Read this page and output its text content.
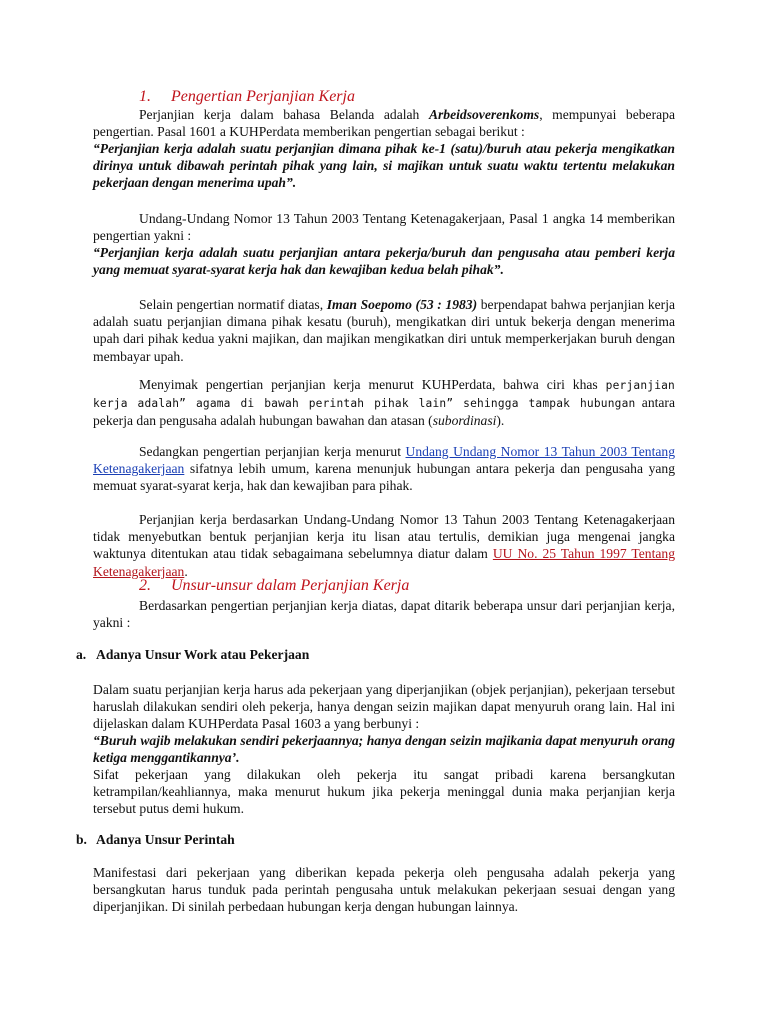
1. Pengertian Perjanjian Kerja
Perjanjian kerja dalam bahasa Belanda adalah Arbeidsoverenkoms, mempunyai beberapa pengertian. Pasal 1601 a KUHPerdata memberikan pengertian sebagai berikut :
“Perjanjian kerja adalah suatu perjanjian dimana pihak ke-1 (satu)/buruh atau pekerja mengikatkan dirinya untuk dibawah perintah pihak yang lain, si majikan untuk suatu waktu tertentu melakukan pekerjaan dengan menerima upah”.
Undang-Undang Nomor 13 Tahun 2003 Tentang Ketenagakerjaan, Pasal 1 angka 14 memberikan pengertian yakni :
“Perjanjian kerja adalah suatu perjanjian antara pekerja/buruh dan pengusaha atau pemberi kerja yang memuat syarat-syarat kerja hak dan kewajiban kedua belah pihak”.
Selain pengertian normatif diatas, Iman Soepomo (53 : 1983) berpendapat bahwa perjanjian kerja adalah suatu perjanjian dimana pihak kesatu (buruh), mengikatkan diri untuk bekerja dengan menerima upah dari pihak kedua yakni majikan, dan majikan mengikatkan diri untuk memperkerjakan buruh dengan membayar upah.
Menyimak pengertian perjanjian kerja menurut KUHPerdata, bahwa ciri khas perjanjian kerja adalah” agama di bawah perintah pihak lain” sehingga tampak hubungan antara pekerja dan pengusaha adalah hubungan bawahan dan atasan (subordinasi).
Sedangkan pengertian perjanjian kerja menurut Undang Undang Nomor 13 Tahun 2003 Tentang Ketenagakerjaan sifatnya lebih umum, karena menunjuk hubungan antara pekerja dan pengusaha yang memuat syarat-syarat kerja, hak dan kewajiban para pihak.
Perjanjian kerja berdasarkan Undang-Undang Nomor 13 Tahun 2003 Tentang Ketenagakerjaan tidak menyebutkan bentuk perjanjian kerja itu lisan atau tertulis, demikian juga mengenai jangka waktunya ditentukan atau tidak sebagaimana sebelumnya diatur dalam UU No. 25 Tahun 1997 Tentang Ketenagakerjaan.
2. Unsur-unsur dalam Perjanjian Kerja
Berdasarkan pengertian perjanjian kerja diatas, dapat ditarik beberapa unsur dari perjanjian kerja, yakni :
a. Adanya Unsur Work atau Pekerjaan
Dalam suatu perjanjian kerja harus ada pekerjaan yang diperjanjikan (objek perjanjian), pekerjaan tersebut haruslah dilakukan sendiri oleh pekerja, hanya dengan seizin majikan dapat menyuruh orang lain. Hal ini dijelaskan dalam KUHPerdata Pasal 1603 a yang berbunyi :
“Buruh wajib melakukan sendiri pekerjaannya; hanya dengan seizin majikania dapat menyuruh orang ketiga menggantikannya’.
Sifat pekerjaan yang dilakukan oleh pekerja itu sangat pribadi karena bersangkutan ketrampilan/keahliannya, maka menurut hukum jika pekerja meninggal dunia maka perjanjian kerja tersebut putus demi hukum.
b. Adanya Unsur Perintah
Manifestasi dari pekerjaan yang diberikan kepada pekerja oleh pengusaha adalah pekerja yang bersangkutan harus tunduk pada perintah pengusaha untuk melakukan pekerjaan sesuai dengan yang diperjanjikan. Di sinilah perbedaan hubungan kerja dengan hubungan lainnya.
